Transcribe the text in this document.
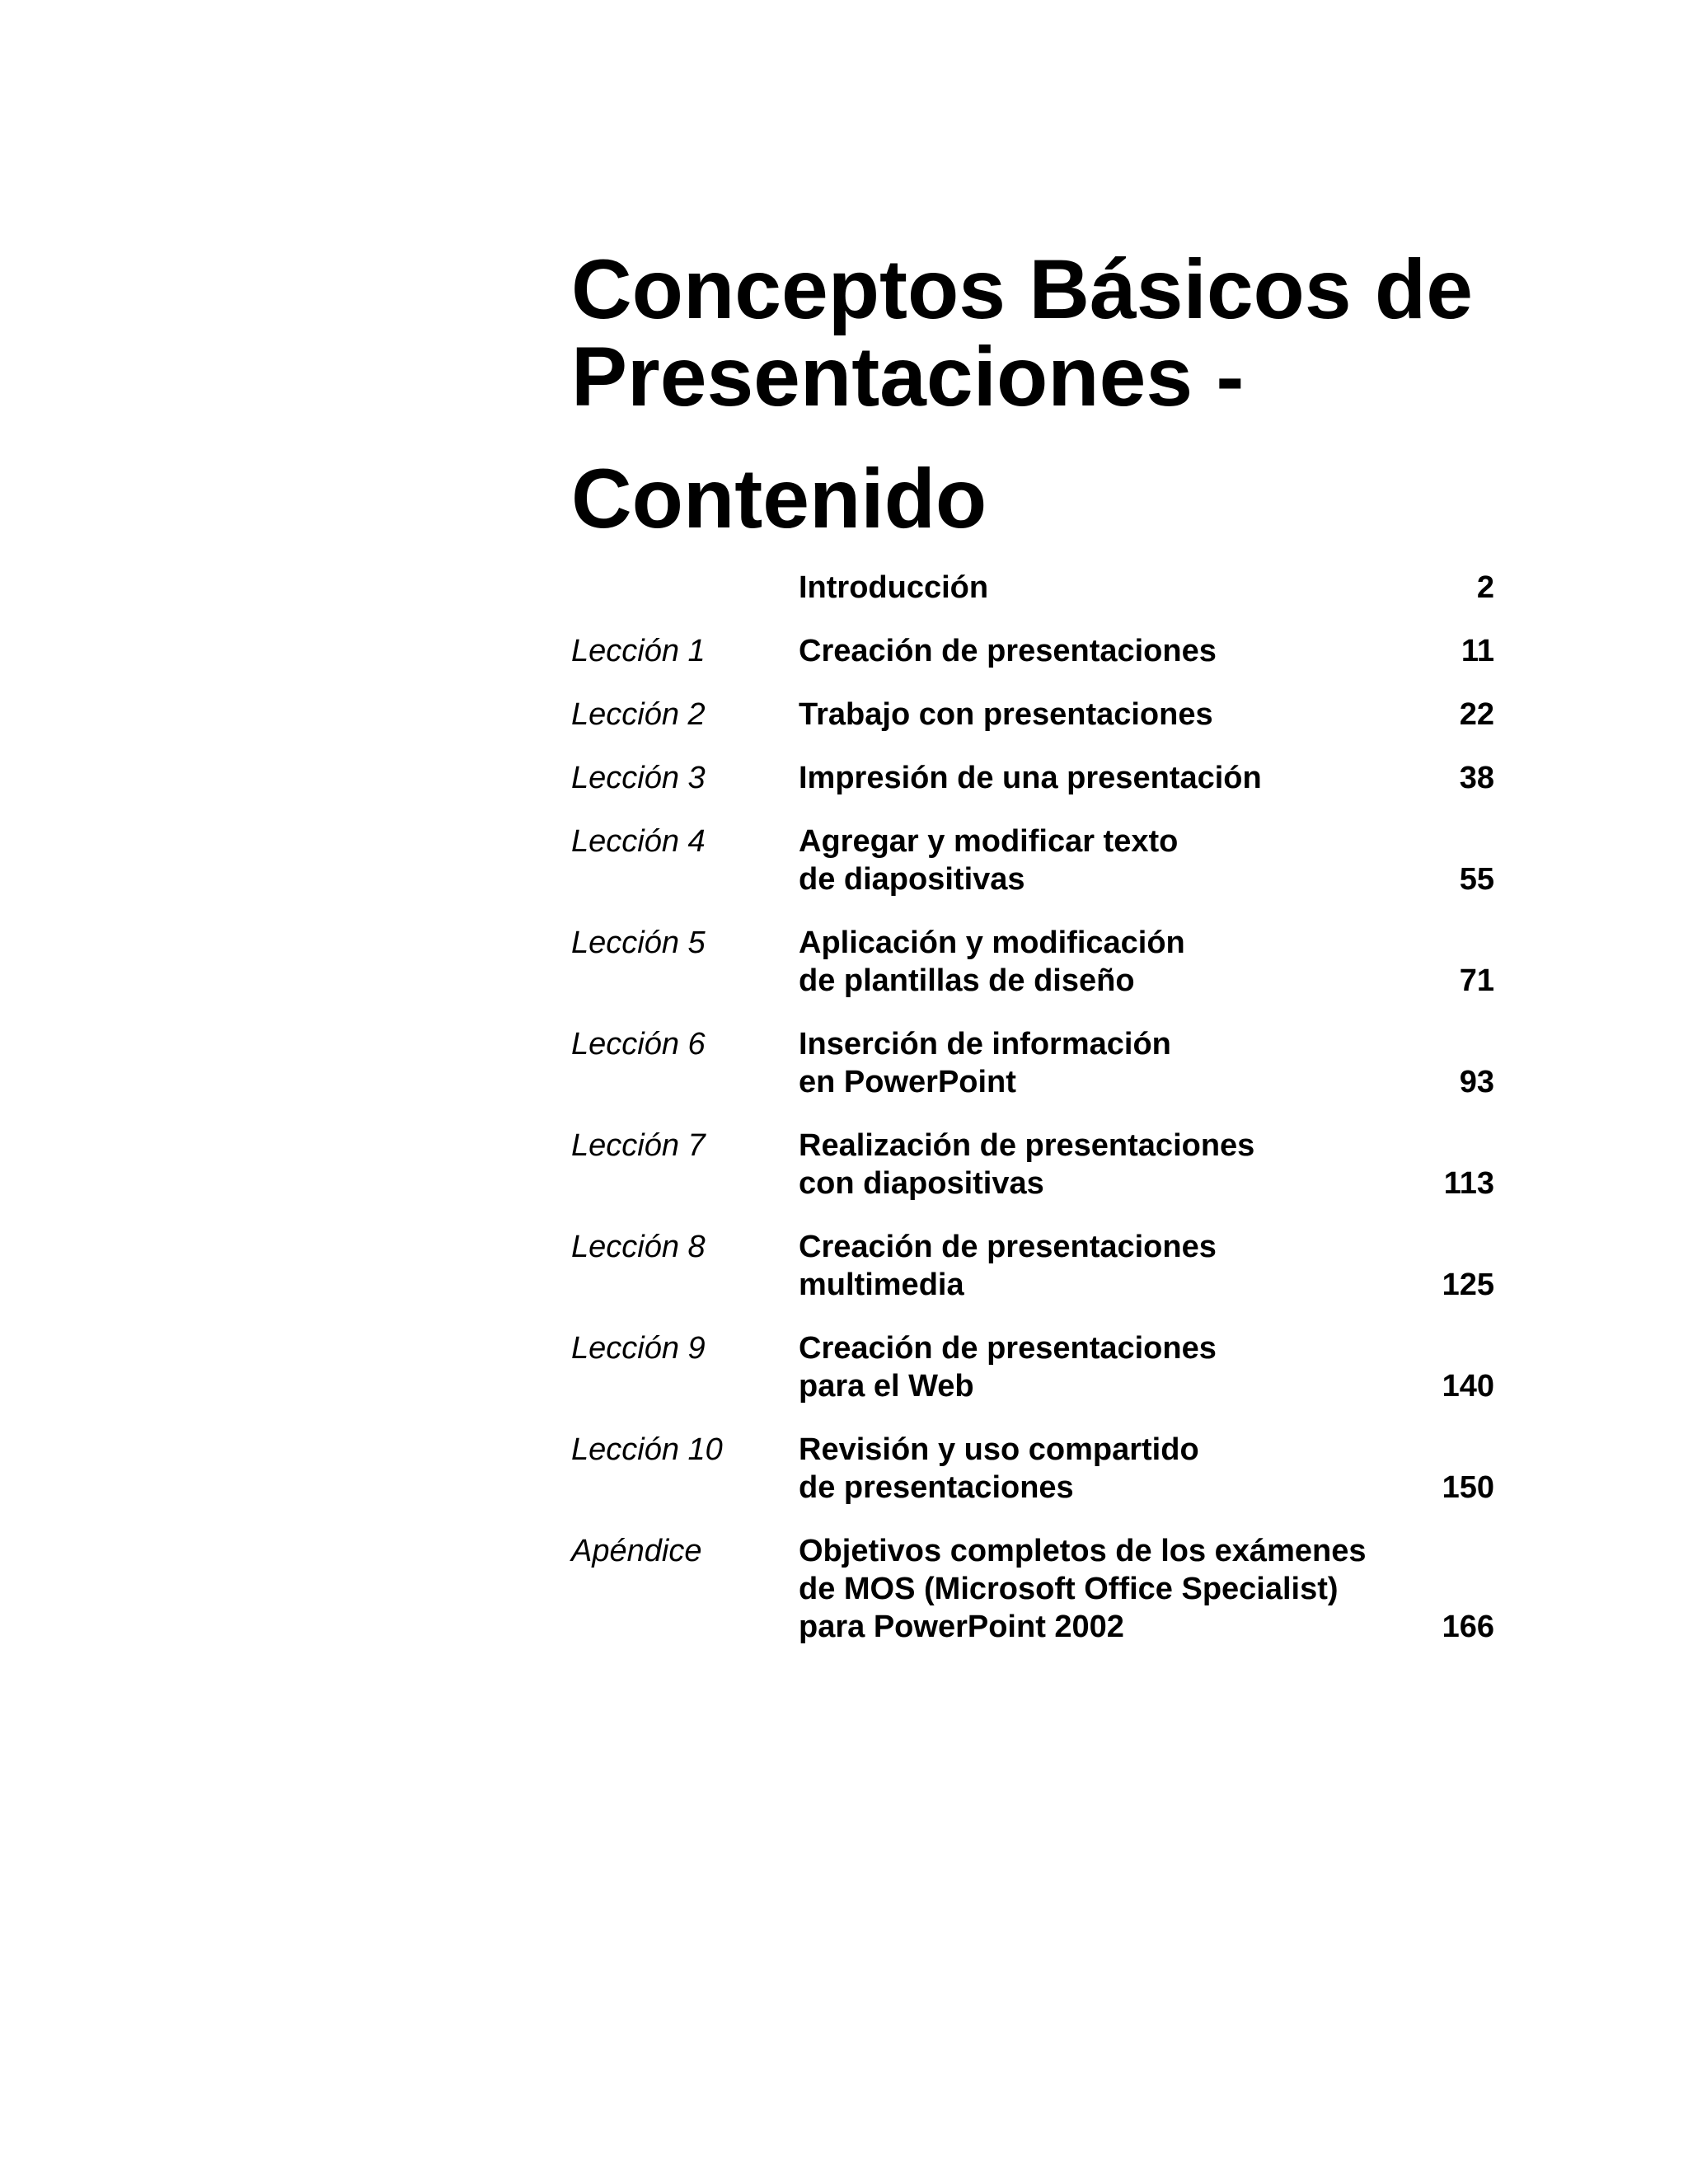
Conceptos Básicos de
Presentaciones -
Contenido
Introducción	2
Lección 1	Creación de presentaciones	11
Lección 2	Trabajo con presentaciones	22
Lección 3	Impresión de una presentación	38
Lección 4	Agregar y modificar texto
de diapositivas	55
Lección 5	Aplicación y modificación
de plantillas de diseño	71
Lección 6	Inserción de información
en PowerPoint	93
Lección 7	Realización de presentaciones
con diapositivas	113
Lección 8	Creación de presentaciones
multimedia	125
Lección 9	Creación de presentaciones
para el Web	140
Lección 10	Revisión y uso compartido
de presentaciones	150
Apéndice	Objetivos completos de los exámenes
de MOS (Microsoft Office Specialist)
para PowerPoint 2002	166
